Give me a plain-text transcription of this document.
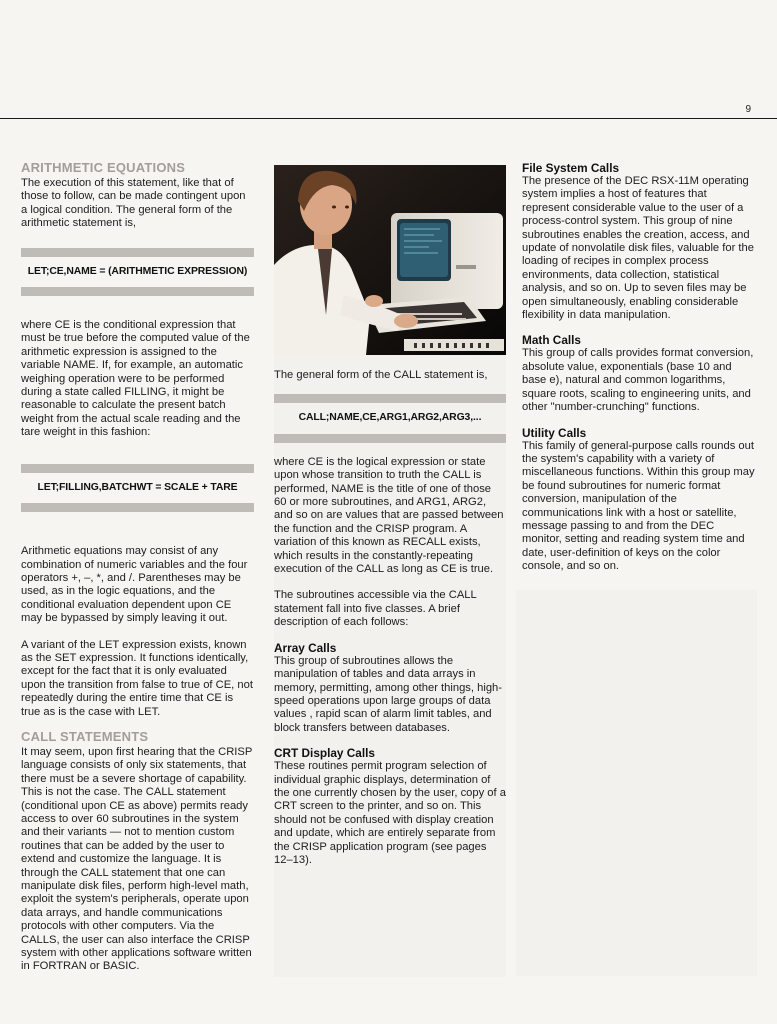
9
ARITHMETIC EQUATIONS

The execution of this statement, like that of those to follow, can be made contingent upon a logical condition. The general form of the arithmetic statement is,

LET;CE,NAME = (ARITHMETIC EXPRESSION)

where CE is the conditional expression that must be true before the computed value of the arithmetic expression is assigned to the variable NAME. If, for example, an automatic weighing operation were to be performed during a state called FILLING, it might be reasonable to calculate the present batch weight from the actual scale reading and the tare weight in this fashion:

LET;FILLING,BATCHWT = SCALE + TARE

Arithmetic equations may consist of any combination of numeric variables and the four operators +, –, *, and /. Parentheses may be used, as in the logic equations, and the conditional evaluation dependent upon CE may be bypassed by simply leaving it out.

A variant of the LET expression exists, known as the SET expression. It functions identically, except for the fact that it is only evaluated upon the transition from false to true of CE, not repeatedly during the entire time that CE is true as is the case with LET.

CALL STATEMENTS

It may seem, upon first hearing that the CRISP language consists of only six statements, that there must be a severe shortage of capability. This is not the case. The CALL statement (conditional upon CE as above) permits ready access to over 60 subroutines in the system and their variants — not to mention custom routines that can be added by the user to extend and customize the language. It is through the CALL statement that one can manipulate disk files, perform high-level math, exploit the system's peripherals, operate upon data arrays, and handle communications protocols with other computers. Via the CALLS, the user can also interface the CRISP system with other applications software written in FORTRAN or BASIC.

The general form of the CALL statement is,

CALL;NAME,CE,ARG1,ARG2,ARG3,...

where CE is the logical expression or state upon whose transition to truth the CALL is performed, NAME is the title of one of those 60 or more subroutines, and ARG1, ARG2, and so on are values that are passed between the function and the CRISP program. A variation of this known as RECALL exists, which results in the constantly-repeating execution of the CALL as long as CE is true.

The subroutines accessible via the CALL statement fall into five classes. A brief description of each follows:

Array Calls

This group of subroutines allows the manipulation of tables and data arrays in memory, permitting, among other things, high-speed operations upon large groups of data values , rapid scan of alarm limit tables, and block transfers between databases.

CRT Display Calls

These routines permit program selection of individual graphic displays, determination of the one currently chosen by the user, copy of a CRT screen to the printer, and so on. This should not be confused with display creation and update, which are entirely separate from the CRISP application program (see pages 12–13).

File System Calls

The presence of the DEC RSX-11M operating system implies a host of features that represent considerable value to the user of a process-control system. This group of nine subroutines enables the creation, access, and update of nonvolatile disk files, valuable for the loading of recipes in complex process environments, data collection, statistical analysis, and so on. Up to seven files may be open simultaneously, enabling considerable flexibility in data manipulation.

Math Calls

This group of calls provides format conversion, absolute value, exponentials (base 10 and base e), natural and common logarithms, square roots, scaling to engineering units, and other "number-crunching" functions.

Utility Calls

This family of general-purpose calls rounds out the system's capability with a variety of miscellaneous functions. Within this group may be found subroutines for numeric format conversion, manipulation of the communications link with a host or satellite, message passing to and from the DEC monitor, setting and reading system time and date, user-definition of keys on the color console, and so on.
